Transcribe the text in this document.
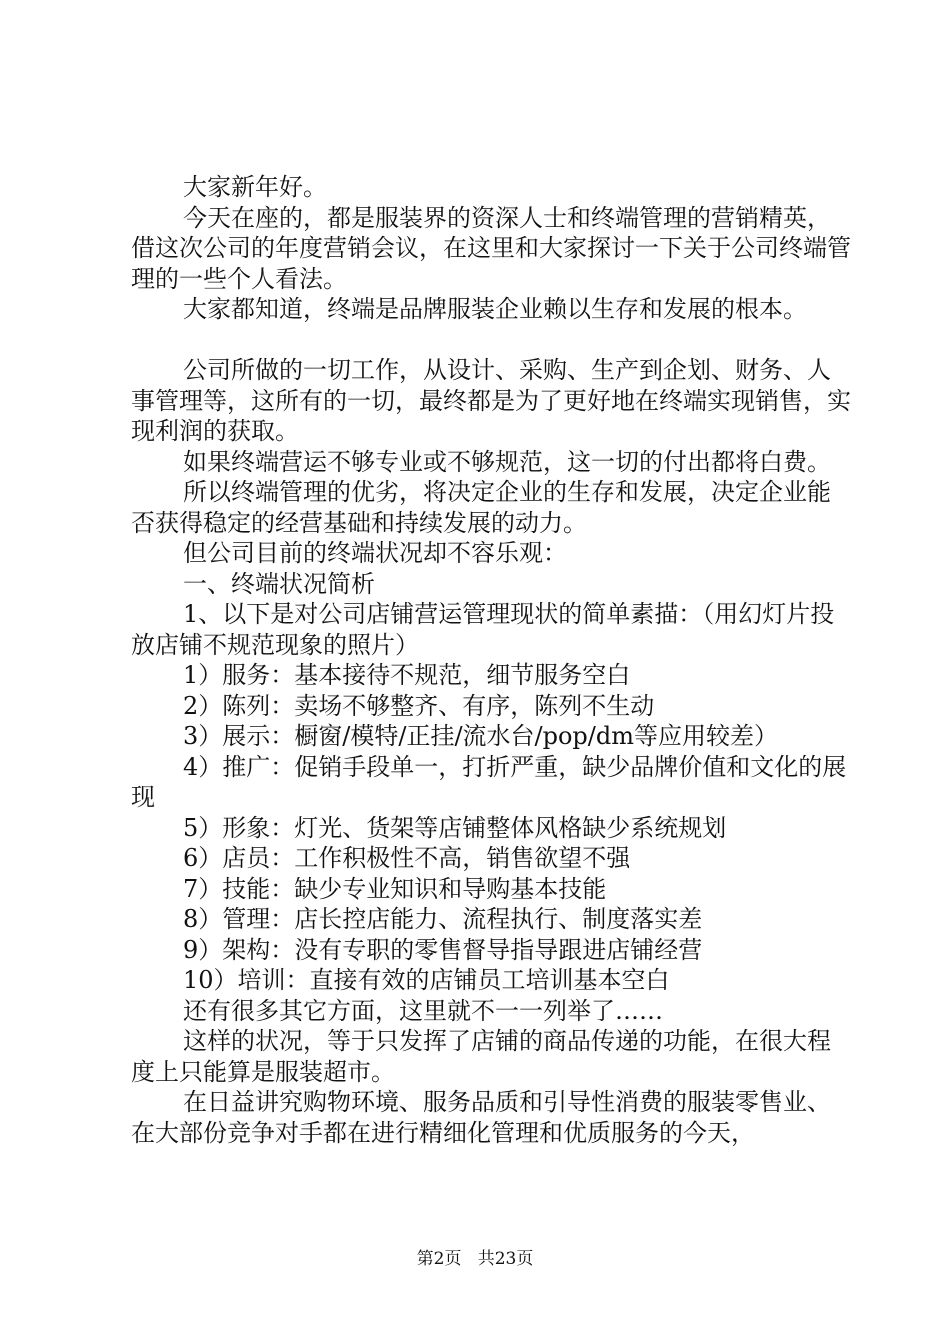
大家新年好。

今天在座的，都是服装界的资深人士和终端管理的营销精英，借这次公司的年度营销会议，在这里和大家探讨一下关于公司终端管理的一些个人看法。

大家都知道，终端是品牌服装企业赖以生存和发展的根本。

公司所做的一切工作，从设计、采购、生产到企划、财务、人事管理等，这所有的一切，最终都是为了更好地在终端实现销售，实现利润的获取。

如果终端营运不够专业或不够规范，这一切的付出都将白费。

所以终端管理的优劣，将决定企业的生存和发展，决定企业能否获得稳定的经营基础和持续发展的动力。

但公司目前的终端状况却不容乐观：

一、终端状况简析

1、以下是对公司店铺营运管理现状的简单素描：（用幻灯片投放店铺不规范现象的照片）

1）服务：基本接待不规范，细节服务空白

2）陈列：卖场不够整齐、有序，陈列不生动

3）展示：橱窗/模特/正挂/流水台/pop/dm等应用较差）

4）推广：促销手段单一，打折严重，缺少品牌价值和文化的展现

5）形象：灯光、货架等店铺整体风格缺少系统规划

6）店员：工作积极性不高，销售欲望不强

7）技能：缺少专业知识和导购基本技能

8）管理：店长控店能力、流程执行、制度落实差

9）架构：没有专职的零售督导指导跟进店铺经营

10）培训：直接有效的店铺员工培训基本空白

还有很多其它方面，这里就不一一列举了……

这样的状况，等于只发挥了店铺的商品传递的功能，在很大程度上只能算是服装超市。

在日益讲究购物环境、服务品质和引导性消费的服装零售业、在大部份竞争对手都在进行精细化管理和优质服务的今天，

第2页 共23页
